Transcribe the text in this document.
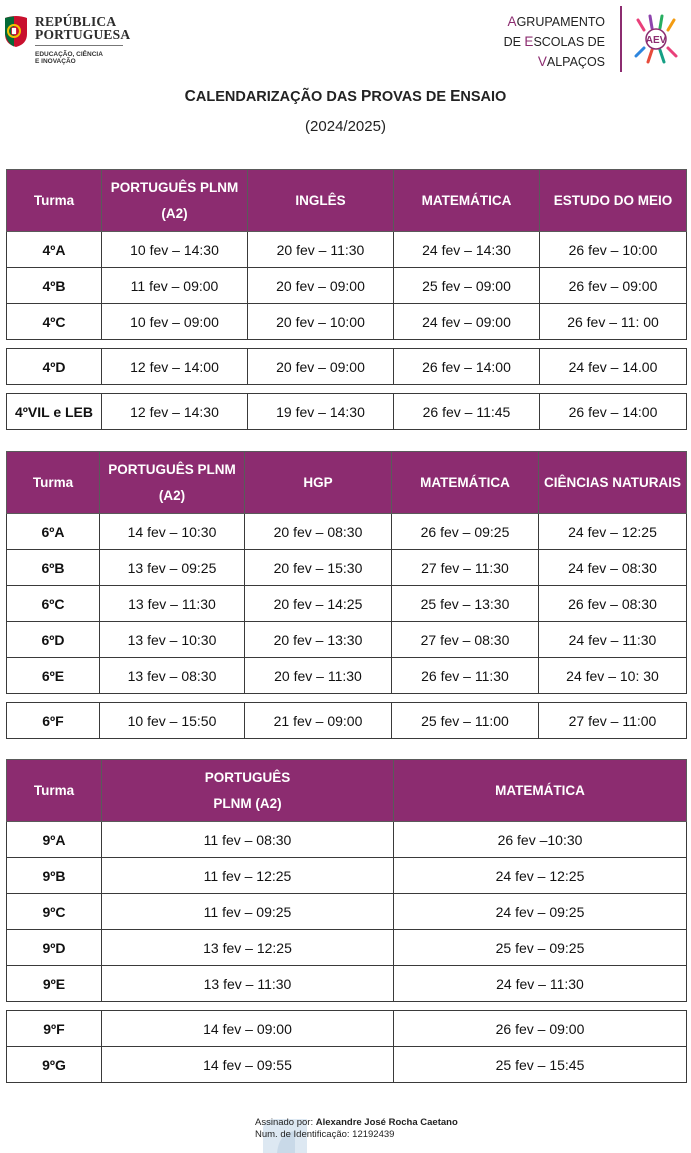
REPÚBLICA
PORTUGUESA
EDUCAÇÃO, CIÊNCIA
E INOVAÇÃO
AGRUPAMENTO
DE ESCOLAS DE
VALPAÇOS
AEV
CALENDARIZAÇÃO DAS PROVAS DE ENSAIO
(2024/2025)
Turma	PORTUGUÊS PLNM (A2)	INGLÊS	MATEMÁTICA	ESTUDO DO MEIO
4ºA	10 fev – 14:30	20 fev – 11:30	24 fev – 14:30	26 fev – 10:00
4ºB	11 fev – 09:00	20 fev – 09:00	25 fev – 09:00	26 fev – 09:00
4ºC	10 fev – 09:00	20 fev – 10:00	24 fev – 09:00	26 fev – 11: 00

4ºD	12 fev – 14:00	20 fev – 09:00	26 fev – 14:00	24 fev – 14.00

4ºVIL e LEB	12 fev – 14:30	19 fev – 14:30	26 fev – 11:45	26 fev – 14:00
Turma	PORTUGUÊS PLNM (A2)	HGP	MATEMÁTICA	CIÊNCIAS NATURAIS
6ºA	14 fev – 10:30	20 fev – 08:30	26 fev – 09:25	24 fev – 12:25
6ºB	13 fev – 09:25	20 fev – 15:30	27 fev – 11:30	24 fev – 08:30
6ºC	13 fev – 11:30	20 fev – 14:25	25 fev – 13:30	26 fev – 08:30
6ºD	13 fev – 10:30	20 fev – 13:30	27 fev – 08:30	24 fev – 11:30
6ºE	13 fev – 08:30	20 fev – 11:30	26 fev – 11:30	24 fev – 10: 30

6ºF	10 fev – 15:50	21 fev – 09:00	25 fev – 11:00	27 fev – 11:00
Turma	PORTUGUÊS PLNM (A2)	MATEMÁTICA
9ºA	11 fev – 08:30	26 fev –10:30
9ºB	11 fev – 12:25	24 fev – 12:25
9ºC	11 fev – 09:25	24 fev – 09:25
9ºD	13 fev – 12:25	25 fev – 09:25
9ºE	13 fev – 11:30	24 fev – 11:30

9ºF	14 fev – 09:00	26 fev – 09:00
9ºG	14 fev – 09:55	25 fev – 15:45
Assinado por: Alexandre José Rocha Caetano
Num. de Identificação: 12192439
